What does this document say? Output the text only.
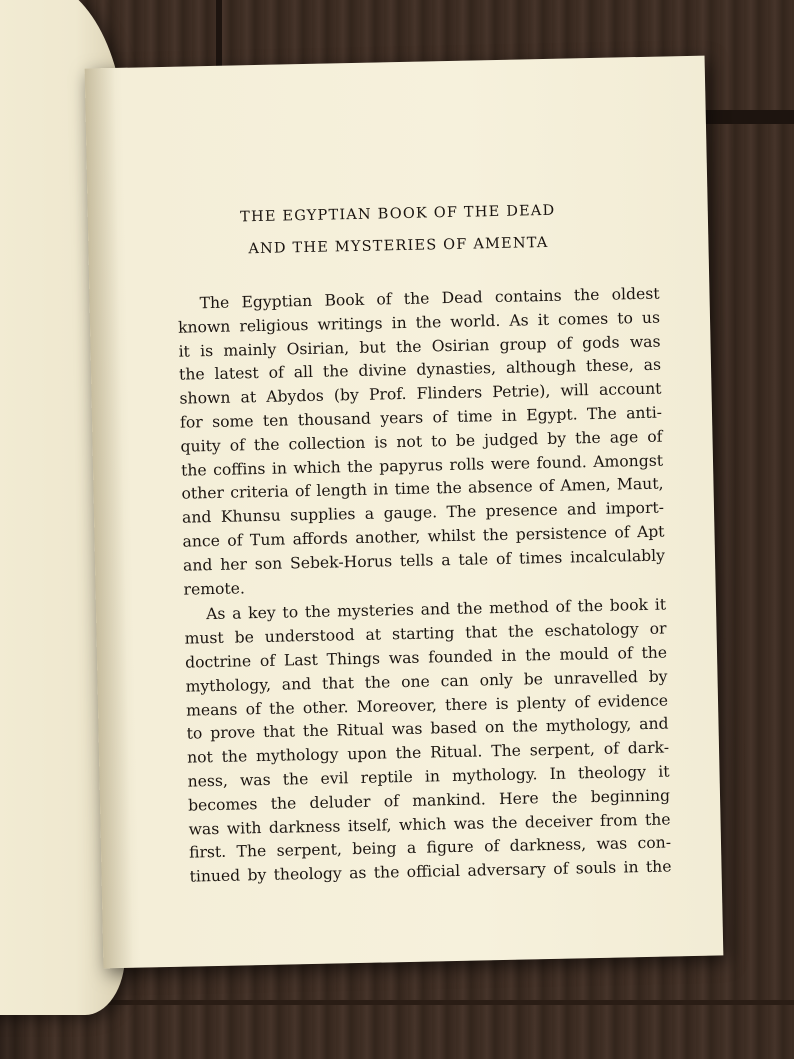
THE EGYPTIAN BOOK OF THE DEAD
AND THE MYSTERIES OF AMENTA
The Egyptian Book of the Dead contains the oldest
known religious writings in the world. As it comes to us
it is mainly Osirian, but the Osirian group of gods was
the latest of all the divine dynasties, although these, as
shown at Abydos (by Prof. Flinders Petrie), will account
for some ten thousand years of time in Egypt. The anti-
quity of the collection is not to be judged by the age of
the coffins in which the papyrus rolls were found. Amongst
other criteria of length in time the absence of Amen, Maut,
and Khunsu supplies a gauge. The presence and import-
ance of Tum affords another, whilst the persistence of Apt
and her son Sebek-Horus tells a tale of times incalculably
remote.
As a key to the mysteries and the method of the book it
must be understood at starting that the eschatology or
doctrine of Last Things was founded in the mould of the
mythology, and that the one can only be unravelled by
means of the other. Moreover, there is plenty of evidence
to prove that the Ritual was based on the mythology, and
not the mythology upon the Ritual. The serpent, of dark-
ness, was the evil reptile in mythology. In theology it
becomes the deluder of mankind. Here the beginning
was with darkness itself, which was the deceiver from the
first. The serpent, being a figure of darkness, was con-
tinued by theology as the official adversary of souls in the
